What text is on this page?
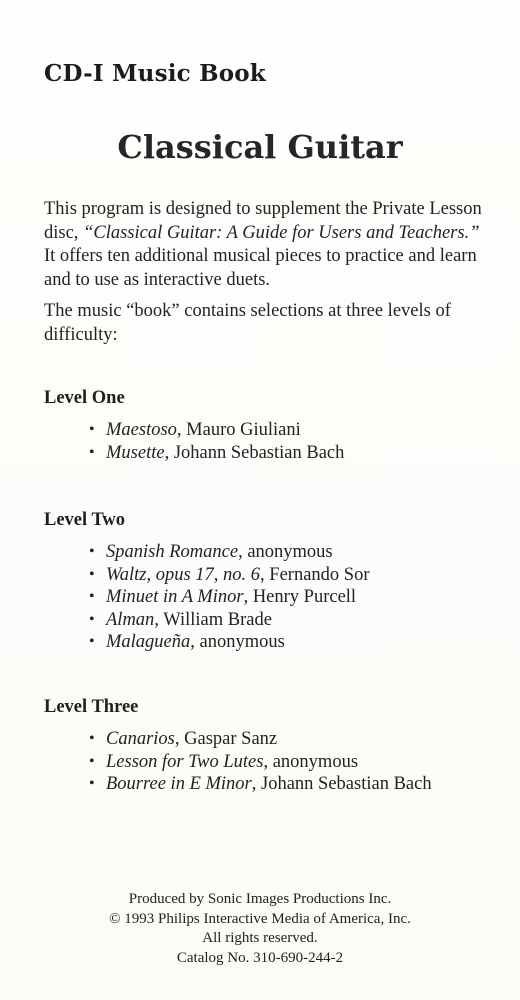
CD-I Music Book
Classical Guitar

This program is designed to supplement the Private Lesson disc, “Classical Guitar: A Guide for Users and Teachers.” It offers ten additional musical pieces to practice and learn and to use as interactive duets.

The music “book” contains selections at three levels of difficulty:

Level One
• Maestoso, Mauro Giuliani
• Musette, Johann Sebastian Bach
Level Two
• Spanish Romance, anonymous
• Waltz, opus 17, no. 6, Fernando Sor
• Minuet in A Minor, Henry Purcell
• Alman, William Brade
• Malagueña, anonymous
Level Three
• Canarios, Gaspar Sanz
• Lesson for Two Lutes, anonymous
• Bourree in E Minor, Johann Sebastian Bach
Produced by Sonic Images Productions Inc.
© 1993 Philips Interactive Media of America, Inc.
All rights reserved.
Catalog No. 310-690-244-2
